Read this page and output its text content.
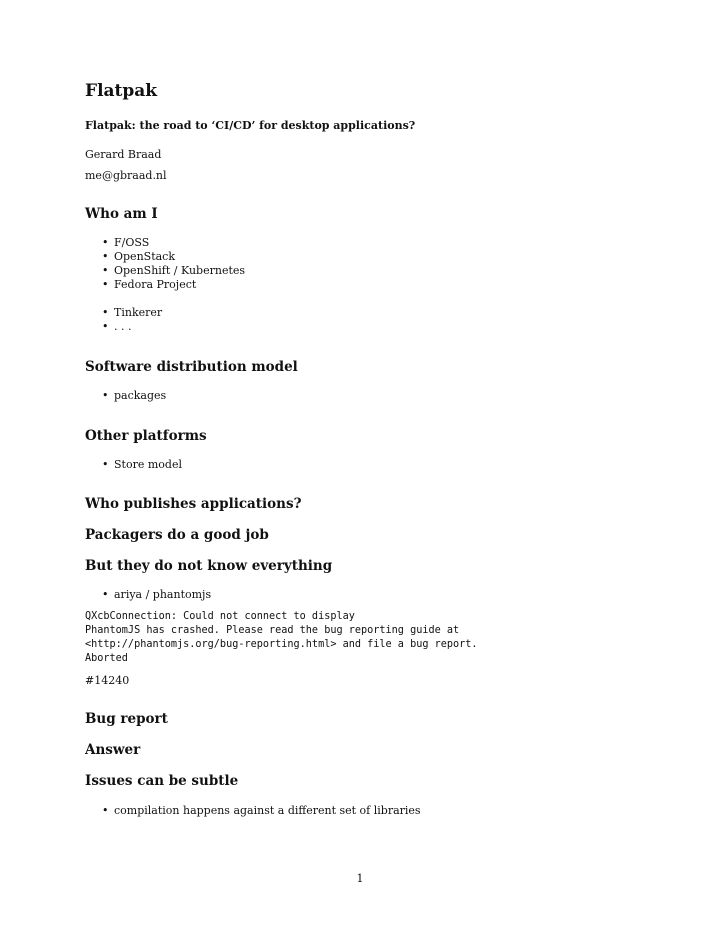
Flatpak
Flatpak: the road to ‘CI/CD’ for desktop applications?
Gerard Braad
me@gbraad.nl
Who am I
• F/OSS
• OpenStack
• OpenShift / Kubernetes
• Fedora Project
• Tinkerer
• . . .
Software distribution model
• packages
Other platforms
• Store model
Who publishes applications?
Packagers do a good job
But they do not know everything
• ariya / phantomjs
QXcbConnection: Could not connect to display
PhantomJS has crashed. Please read the bug reporting guide at
<http://phantomjs.org/bug-reporting.html> and file a bug report.
Aborted
#14240
Bug report
Answer
Issues can be subtle
• compilation happens against a different set of libraries
1
